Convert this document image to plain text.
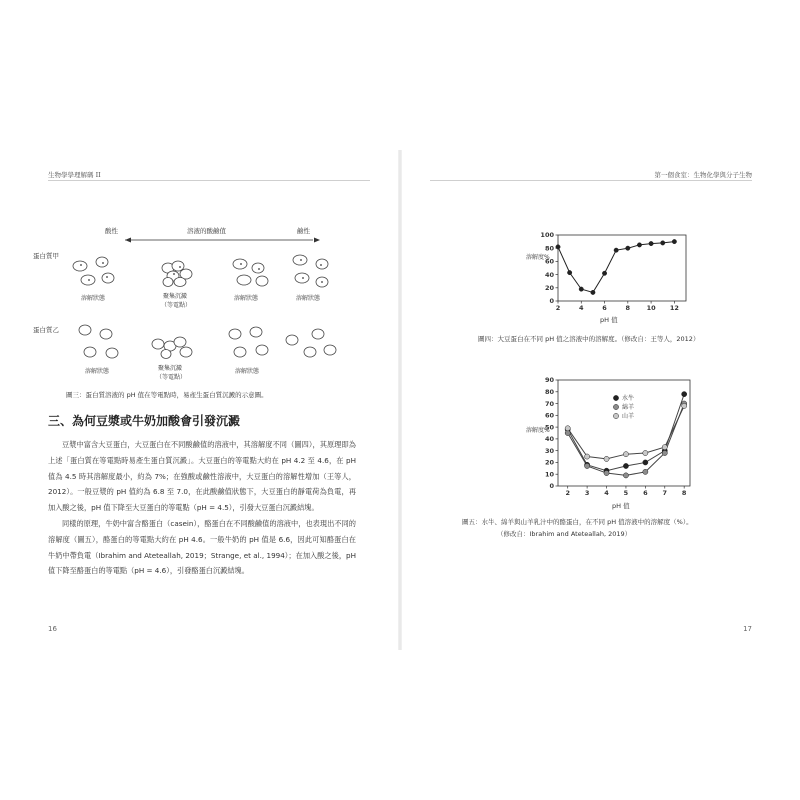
生物學學理解碼 II
酸性	溶液的酸鹼值	鹼性
蛋白質甲
蛋白質乙
溶解狀態	聚集沉澱
（等電點）
溶解狀態	溶解狀態
溶解狀態	聚集沉澱
（等電點）
溶解狀態
圖三：蛋白質溶液的 pH 值在等電點時，易產生蛋白質沉澱的示意圖。
三、為何豆漿或牛奶加酸會引發沉澱

豆漿中富含大豆蛋白，大豆蛋白在不同酸鹼值的溶液中，其溶解度不同（圖四），其原理即為上述「蛋白質在等電點時易產生蛋白質沉澱」。大豆蛋白的等電點大約在 pH 4.2 至 4.6，在 pH 值為 4.5 時其溶解度最小，約為 7%；在強酸或鹼性溶液中，大豆蛋白的溶解性增加（王等人，2012）。一般豆漿的 pH 值約為 6.8 至 7.0，在此酸鹼值狀態下，大豆蛋白的靜電荷為負電，再加入酸之後，pH 值下降至大豆蛋白的等電點（pH = 4.5），引發大豆蛋白沉澱結塊。

同樣的原理，牛奶中富含酪蛋白（casein），酪蛋白在不同酸鹼值的溶液中，也表現出不同的溶解度（圖五），酪蛋白的等電點大約在 pH 4.6。一般牛奶的 pH 值是 6.6，因此可知酪蛋白在牛奶中帶負電（Ibrahim and Ateteallah, 2019；Strange, et al., 1994）；在加入酸之後，pH 值下降至酪蛋白的等電點（pH = 4.6），引發酪蛋白沉澱結塊。

16
第一個食室：生物化學與分子生物
溶解度%
0
20
40
60
80
100
2	4	6	8	10 12
pH 值
圖四：大豆蛋白在不同 pH 值之溶液中的溶解度。（修改自：王等人，2012）
溶解度%
0
10
20
30
40
50
60
70
80
90
2 3 4 5 6 7 8
水牛
綿羊
山羊
pH 值
圖五：水牛、綿羊與山羊乳汁中的酪蛋白，在不同 pH 值溶液中的溶解度（%）。
（修改自：Ibrahim and Ateteallah, 2019）
17
